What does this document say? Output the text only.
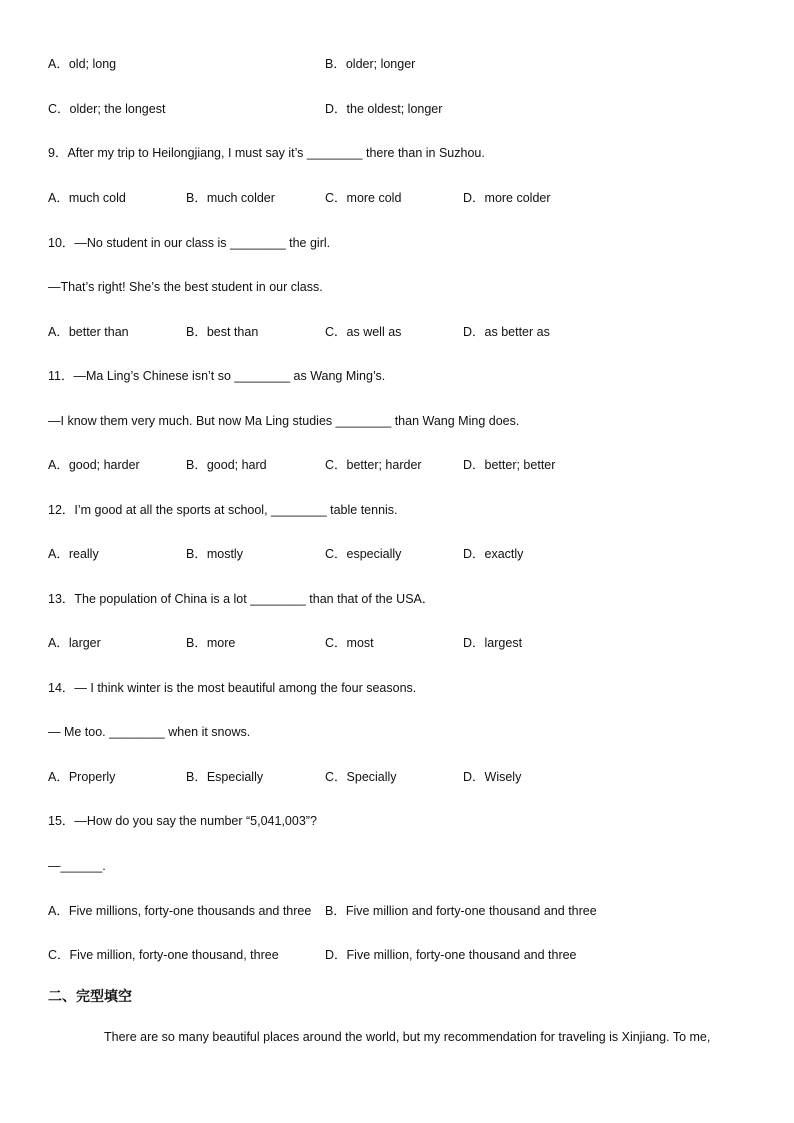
A．old; long	B．older; longer
C．older; the longest	D．the oldest; longer
9．After my trip to Heilongjiang, I must say it’s ________ there than in Suzhou.
A．much cold	B．much colder	C．more cold	D．more colder
10．—No student in our class is ________ the girl.
—That’s right! She’s the best student in our class.
A．better than	B．best than	C．as well as	D．as better as
11．—Ma Ling’s Chinese isn’t so ________ as Wang Ming’s.
—I know them very much. But now Ma Ling studies ________ than Wang Ming does.
A．good; harder	B．good; hard	C．better; harder	D．better; better
12．I’m good at all the sports at school, ________ table tennis.
A．really	B．mostly	C．especially	D．exactly
13．The population of China is a lot ________ than that of the USA．
A．larger	B．more	C．most	D．largest
14．— I think winter is the most beautiful among the four seasons.
— Me too. ________ when it snows.
A．Properly	B．Especially	C．Specially	D．Wisely
15．—How do you say the number “5,041,003”?
—______.
A．Five millions, forty-one thousands and three B．Five million and forty-one thousand and three
C．Five million, forty-one thousand, three	D．Five million, forty-one thousand and three
二、完型填空
There are so many beautiful places around the world, but my recommendation for traveling is Xinjiang. To me,
